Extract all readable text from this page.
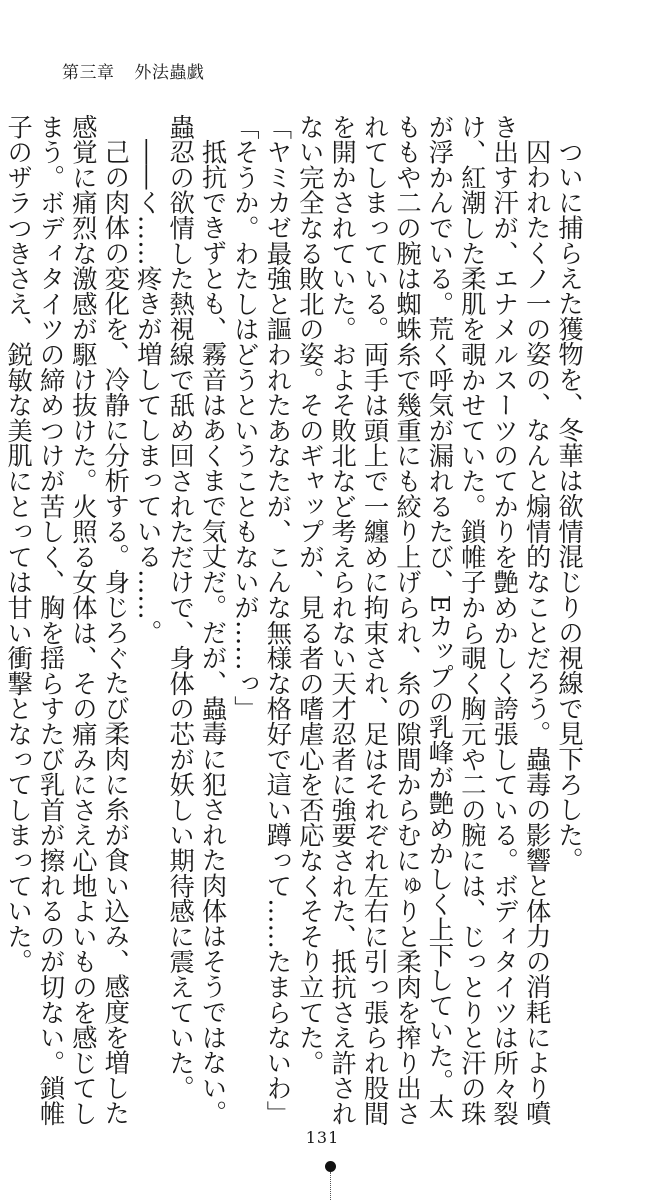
第三章 外法蟲戯
ついに捕らえた獲物を、冬華は欲情混じりの視線で見下ろした。
囚われたくノ一の姿の、なんと煽情的なことだろう。蟲毒の影響と体力の消耗により噴
き出す汗が、エナメルスーツのてかりを艶めかしく誇張している。ボディタイツは所々裂
け、紅潮した柔肌を覗かせていた。鎖帷子から覗く胸元や二の腕には、じっとりと汗の珠
が浮かんでいる。荒く呼気が漏れるたび、Eカップの乳峰が艶めかしく上下していた。太
ももや二の腕は蜘蛛糸で幾重にも絞り上げられ、糸の隙間からむにゅりと柔肉を搾り出さ
れてしまっている。両手は頭上で一纏めに拘束され、足はそれぞれ左右に引っ張られ股間
を開かされていた。およそ敗北など考えられない天才忍者に強要された、抵抗さえ許され
ない完全なる敗北の姿。そのギャップが、見る者の嗜虐心を否応なくそそり立てた。
「ヤミカゼ最強と謳われたあなたが、こんな無様な格好で這い蹲って……たまらないわ」
「そうか。わたしはどうということもないが……っ」
抵抗できずとも、霧音はあくまで気丈だ。だが、蟲毒に犯された肉体はそうではない。
蟲忍の欲情した熱視線で舐め回されただけで、身体の芯が妖しい期待感に震えていた。
――く……疼きが増してしまっている……。
己の肉体の変化を、冷静に分析する。身じろぐたび柔肉に糸が食い込み、感度を増した
感覚に痛烈な激感が駆け抜けた。火照る女体は、その痛みにさえ心地よいものを感じてし
まう。ボディタイツの締めつけが苦しく、胸を揺らすたび乳首が擦れるのが切ない。鎖帷
子のザラつきさえ、鋭敏な美肌にとっては甘い衝撃となってしまっていた。
131
